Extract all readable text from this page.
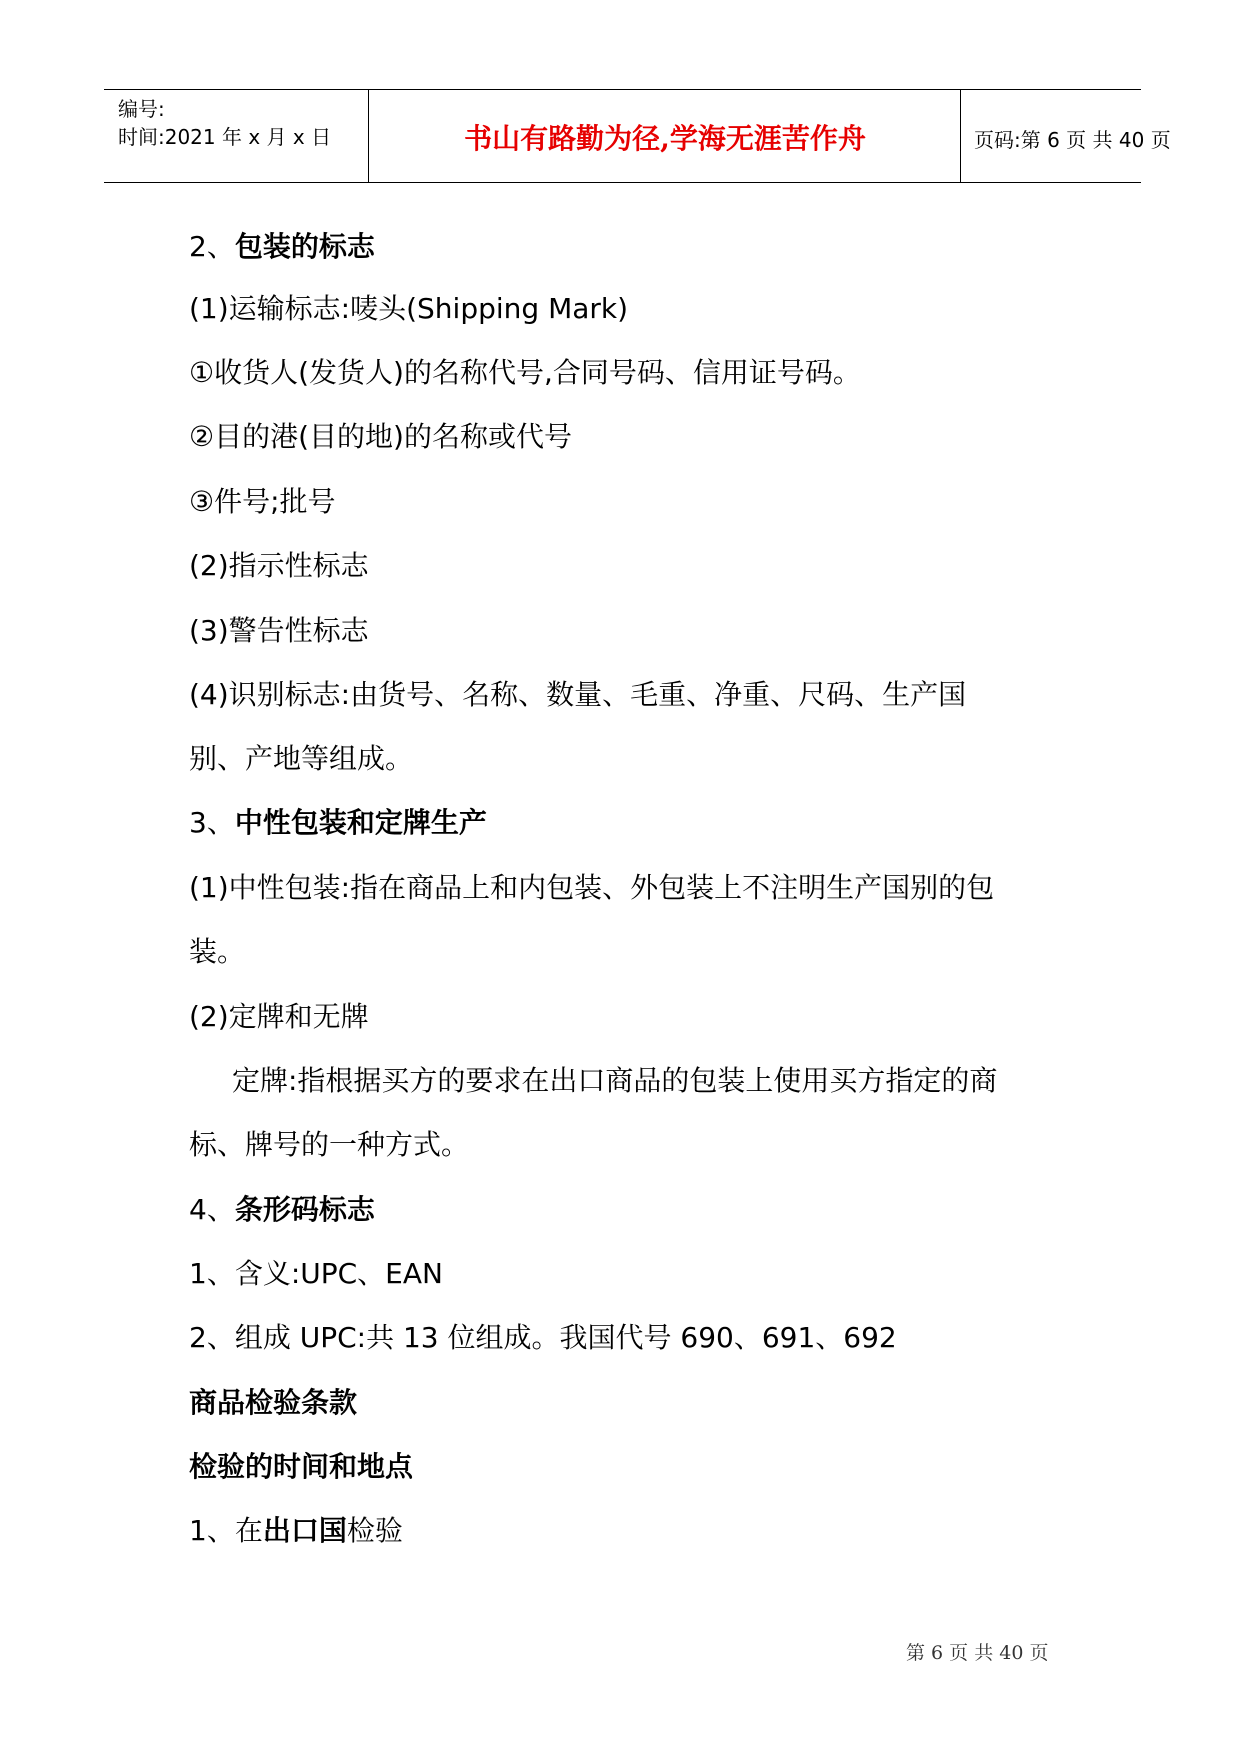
编号:
时间:2021 年 x 月 x 日	书山有路勤为径,学海无涯苦作舟	页码:第 6 页 共 40 页
2、包装的标志
(1)运输标志:唛头(Shipping Mark)
①收货人(发货人)的名称代号,合同号码、信用证号码。
②目的港(目的地)的名称或代号
③件号;批号
(2)指示性标志
(3)警告性标志
(4)识别标志:由货号、名称、数量、毛重、净重、尺码、生产国
别、产地等组成。
3、中性包装和定牌生产
(1)中性包装:指在商品上和内包装、外包装上不注明生产国别的包
装。
(2)定牌和无牌
定牌:指根据买方的要求在出口商品的包装上使用买方指定的商
标、牌号的一种方式。
4、条形码标志
1、含义:UPC、EAN
2、组成 UPC:共 13 位组成。我国代号 690、691、692
商品检验条款
检验的时间和地点
1、在出口国检验
第 6 页 共 40 页
